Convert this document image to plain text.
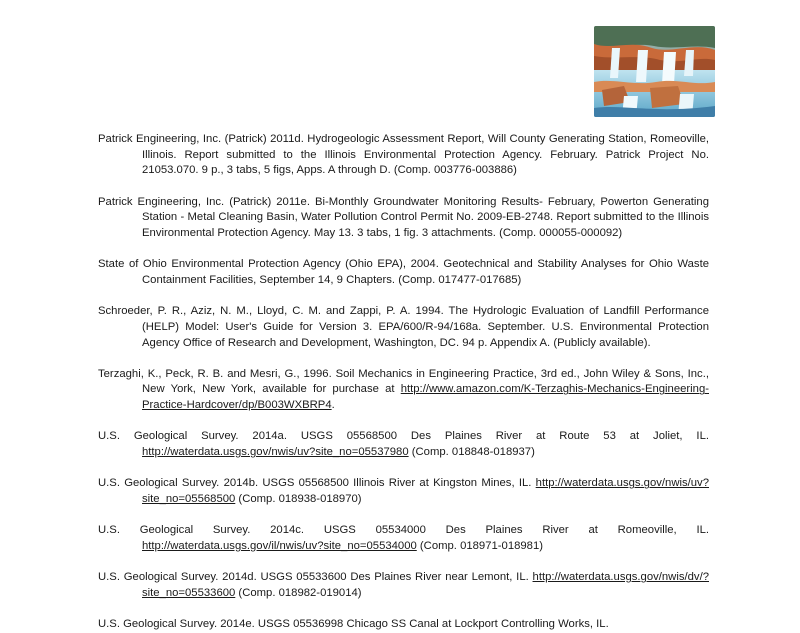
Patrick Engineering, Inc. (Patrick) 2011d. Hydrogeologic Assessment Report, Will County Generating Station, Romeoville, Illinois. Report submitted to the Illinois Environmental Protection Agency. February. Patrick Project No. 21053.070. 9 p., 3 tabs, 5 figs, Apps. A through D. (Comp. 003776-003886)

Patrick Engineering, Inc. (Patrick) 2011e. Bi-Monthly Groundwater Monitoring Results- February, Powerton Generating Station - Metal Cleaning Basin, Water Pollution Control Permit No. 2009-EB-2748. Report submitted to the Illinois Environmental Protection Agency. May 13. 3 tabs, 1 fig. 3 attachments. (Comp. 000055-000092)

State of Ohio Environmental Protection Agency (Ohio EPA), 2004. Geotechnical and Stability Analyses for Ohio Waste Containment Facilities, September 14, 9 Chapters. (Comp. 017477-017685)

Schroeder, P. R., Aziz, N. M., Lloyd, C. M. and Zappi, P. A. 1994. The Hydrologic Evaluation of Landfill Performance (HELP) Model: User's Guide for Version 3. EPA/600/R-94/168a. September. U.S. Environmental Protection Agency Office of Research and Development, Washington, DC. 94 p. Appendix A. (Publicly available).

Terzaghi, K., Peck, R. B. and Mesri, G., 1996. Soil Mechanics in Engineering Practice, 3rd ed., John Wiley & Sons, Inc., New York, New York, available for purchase at http://www.amazon.com/K-Terzaghis-Mechanics-Engineering-Practice-Hardcover/dp/B003WXBRP4.

U.S. Geological Survey. 2014a. USGS 05568500 Des Plaines River at Route 53 at Joliet, IL. http://waterdata.usgs.gov/nwis/uv?site_no=05537980 (Comp. 018848-018937)

U.S. Geological Survey. 2014b. USGS 05568500 Illinois River at Kingston Mines, IL. http://waterdata.usgs.gov/nwis/uv?site_no=05568500 (Comp. 018938-018970)

U.S. Geological Survey. 2014c. USGS 05534000 Des Plaines River at Romeoville, IL. http://waterdata.usgs.gov/il/nwis/uv?site_no=05534000 (Comp. 018971-018981)

U.S. Geological Survey. 2014d. USGS 05533600 Des Plaines River near Lemont, IL. http://waterdata.usgs.gov/nwis/dv/?site_no=05533600 (Comp. 018982-019014)

U.S. Geological Survey. 2014e. USGS 05536998 Chicago SS Canal at Lockport Controlling Works, IL.
